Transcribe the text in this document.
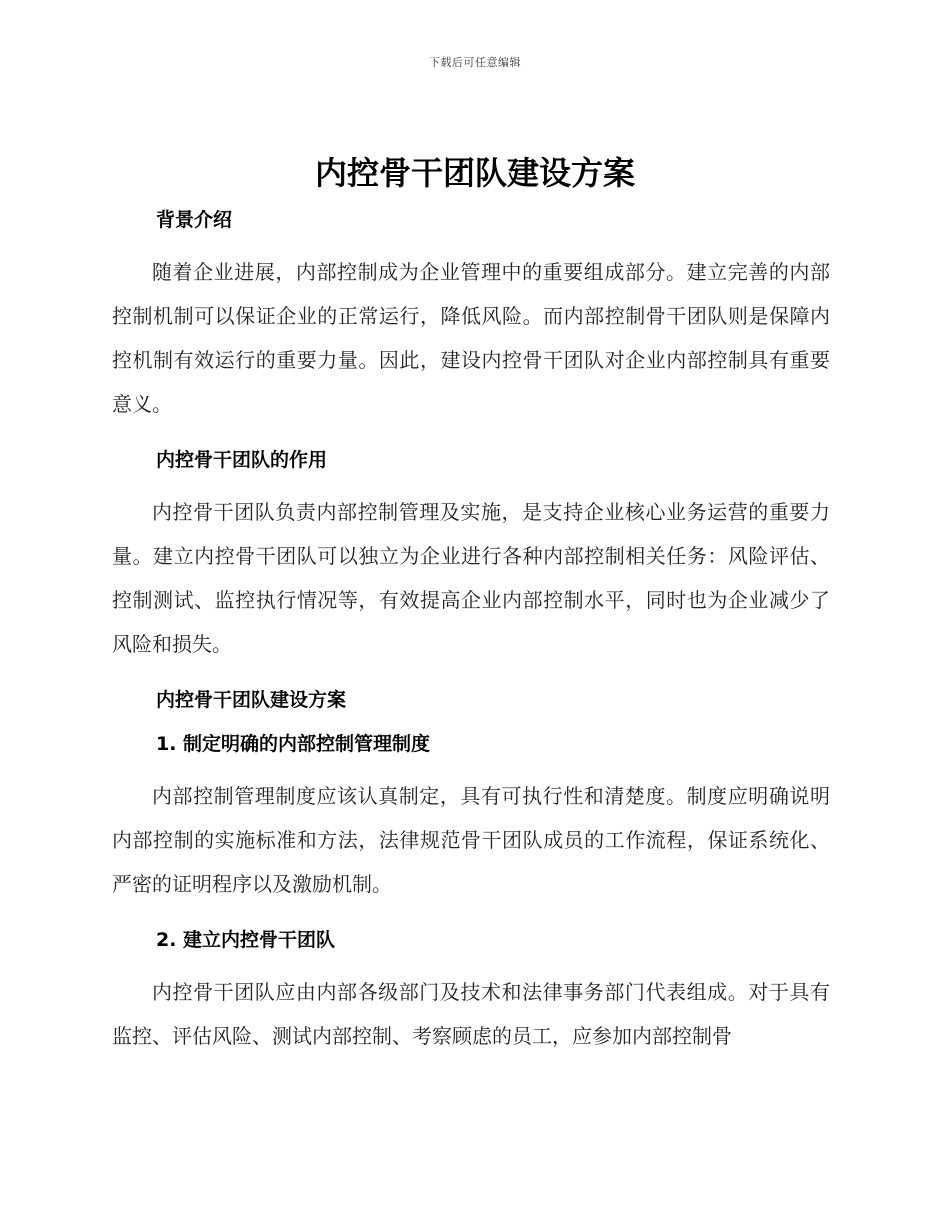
下载后可任意编辑
内控骨干团队建设方案
背景介绍

随着企业进展，内部控制成为企业管理中的重要组成部分。建立完善的内部控制机制可以保证企业的正常运行，降低风险。而内部控制骨干团队则是保障内控机制有效运行的重要力量。因此，建设内控骨干团队对企业内部控制具有重要意义。

内控骨干团队的作用

内控骨干团队负责内部控制管理及实施，是支持企业核心业务运营的重要力量。建立内控骨干团队可以独立为企业进行各种内部控制相关任务：风险评估、控制测试、监控执行情况等，有效提高企业内部控制水平，同时也为企业减少了风险和损失。

内控骨干团队建设方案
1. 制定明确的内部控制管理制度

内部控制管理制度应该认真制定，具有可执行性和清楚度。制度应明确说明内部控制的实施标准和方法，法律规范骨干团队成员的工作流程，保证系统化、严密的证明程序以及激励机制。

2. 建立内控骨干团队

内控骨干团队应由内部各级部门及技术和法律事务部门代表组成。对于具有监控、评估风险、测试内部控制、考察顾虑的员工，应参加内部控制骨
